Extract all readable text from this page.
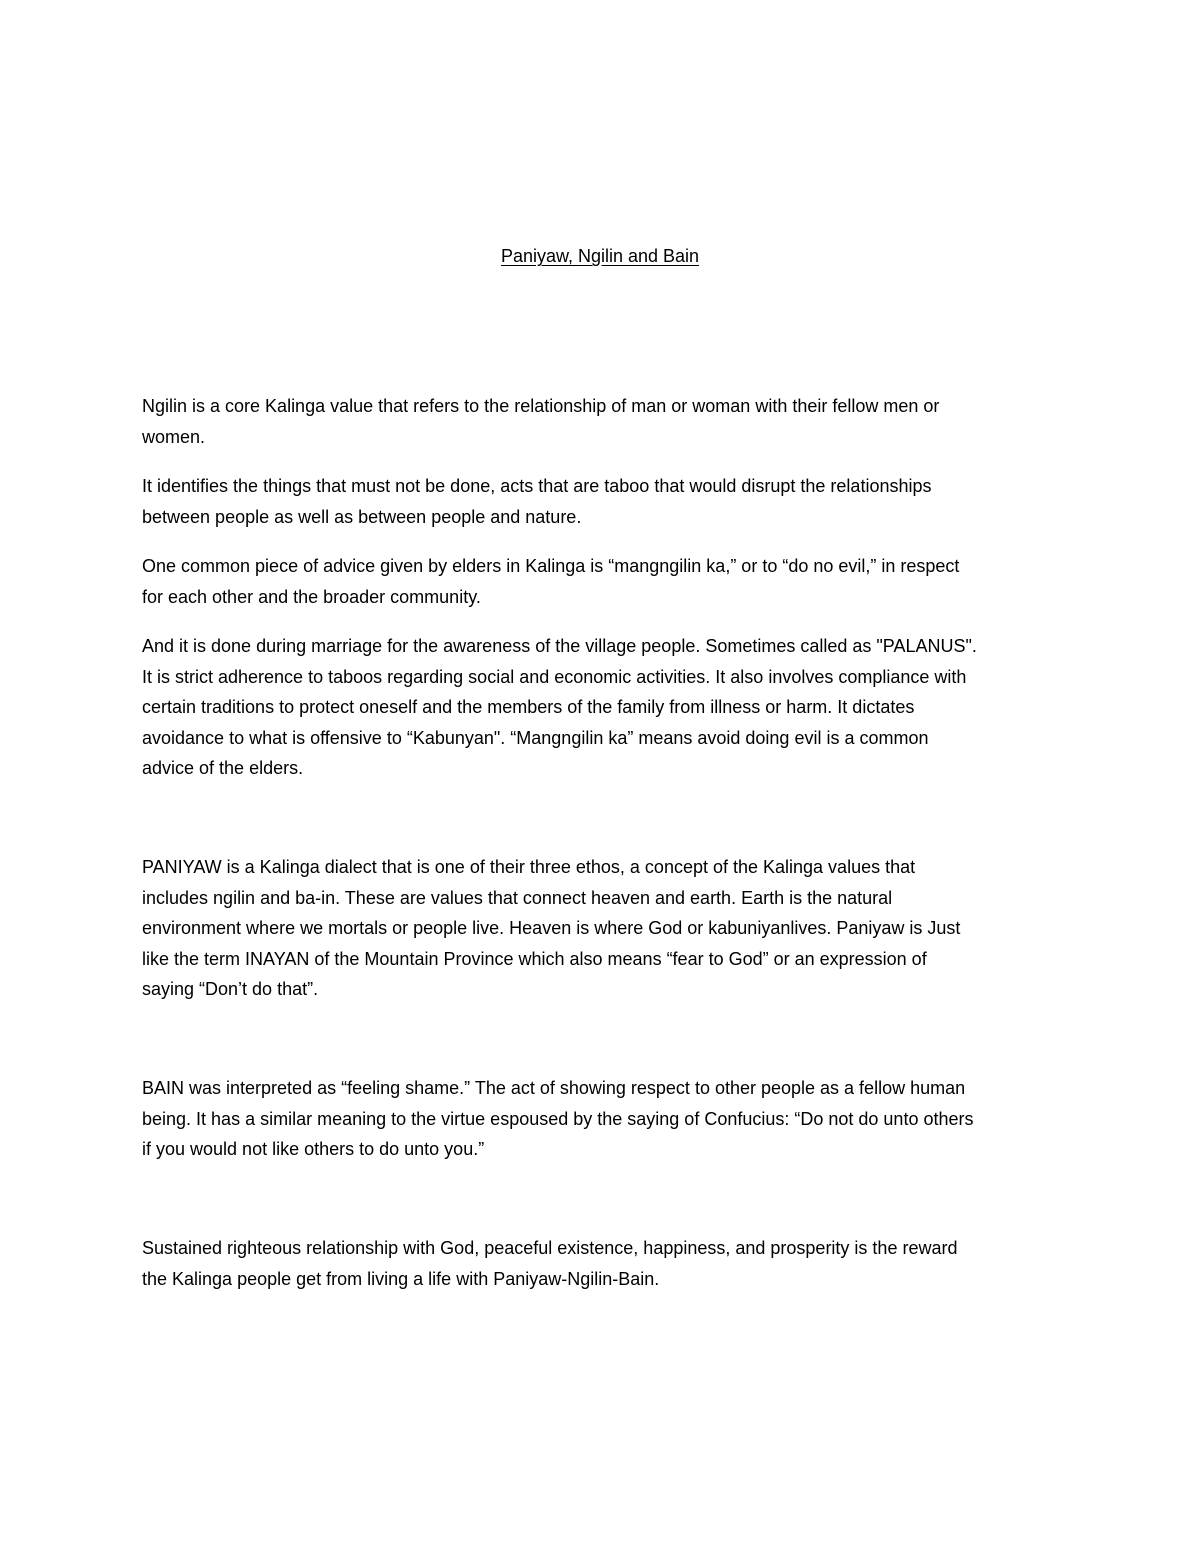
Paniyaw, Ngilin and Bain

Ngilin is a core Kalinga value that refers to the relationship of man or woman with their fellow men or
women.

It identifies the things that must not be done, acts that are taboo that would disrupt the relationships
between people as well as between people and nature.

One common piece of advice given by elders in Kalinga is “mangngilin ka,” or to “do no evil,” in respect
for each other and the broader community.

And it is done during marriage for the awareness of the village people. Sometimes called as "PALANUS".
It is strict adherence to taboos regarding social and economic activities. It also involves compliance with
certain traditions to protect oneself and the members of the family from illness or harm. It dictates
avoidance to what is offensive to “Kabunyan". “Mangngilin ka” means avoid doing evil is a common
advice of the elders.

PANIYAW is a Kalinga dialect that is one of their three ethos, a concept of the Kalinga values that
includes ngilin and ba-in. These are values that connect heaven and earth. Earth is the natural
environment where we mortals or people live. Heaven is where God or kabuniyanlives. Paniyaw is Just
like the term INAYAN of the Mountain Province which also means “fear to God” or an expression of
saying “Don’t do that”.

BAIN was interpreted as “feeling shame.” The act of showing respect to other people as a fellow human
being. It has a similar meaning to the virtue espoused by the saying of Confucius: “Do not do unto others
if you would not like others to do unto you.”

Sustained righteous relationship with God, peaceful existence, happiness, and prosperity is the reward
the Kalinga people get from living a life with Paniyaw-Ngilin-Bain.
